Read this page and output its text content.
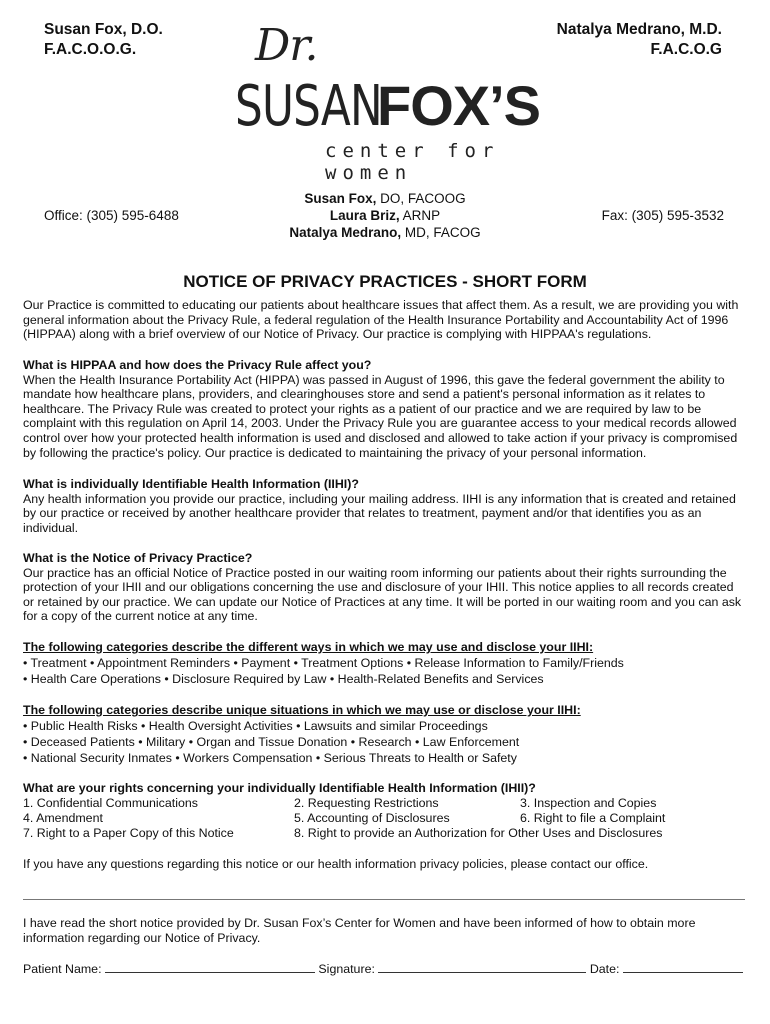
Susan Fox, D.O.
F.A.C.O.O.G.
Natalya Medrano, M.D.
F.A.C.O.G
Dr.
SUSANFOX’S
center for women
Office: (305) 595-6488
Susan Fox, DO, FACOOG
Laura Briz, ARNP
Natalya Medrano, MD, FACOG
Fax: (305) 595-3532
NOTICE OF PRIVACY PRACTICES - SHORT FORM
Our Practice is committed to educating our patients about healthcare issues that affect them. As a result, we are providing you with general information about the Privacy Rule, a federal regulation of the Health Insurance Portability and Accountability Act of 1996 (HIPPAA) along with a brief overview of our Notice of Privacy. Our practice is complying with HIPPAA's regulations.
What is HIPPAA and how does the Privacy Rule affect you?
When the Health Insurance Portability Act (HIPPA) was passed in August of 1996, this gave the federal government the ability to mandate how healthcare plans, providers, and clearinghouses store and send a patient's personal information as it relates to healthcare. The Privacy Rule was created to protect your rights as a patient of our practice and we are required by law to be complaint with this regulation on April 14, 2003. Under the Privacy Rule you are guarantee access to your medical records allowed control over how your protected health information is used and disclosed and allowed to take action if your privacy is compromised by following the practice's policy. Our practice is dedicated to maintaining the privacy of your personal information.
What is individually Identifiable Health Information (IIHI)?
Any health information you provide our practice, including your mailing address. IIHI is any information that is created and retained by our practice or received by another healthcare provider that relates to treatment, payment and/or that identifies you as an individual.
What is the Notice of Privacy Practice?
Our practice has an official Notice of Practice posted in our waiting room informing our patients about their rights surrounding the protection of your IHII and our obligations concerning the use and disclosure of your IHII. This notice applies to all records created or retained by our practice. We can update our Notice of Practices at any time. It will be ported in our waiting room and you can ask for a copy of the current notice at any time.
The following categories describe the different ways in which we may use and disclose your IIHI:
• Treatment • Appointment Reminders • Payment • Treatment Options • Release Information to Family/Friends
• Health Care Operations • Disclosure Required by Law • Health-Related Benefits and Services
The following categories describe unique situations in which we may use or disclose your IIHI:
• Public Health Risks • Health Oversight Activities • Lawsuits and similar Proceedings
• Deceased Patients • Military • Organ and Tissue Donation • Research • Law Enforcement
• National Security Inmates • Workers Compensation • Serious Threats to Health or Safety
What are your rights concerning your individually Identifiable Health Information (IHII)?
1. Confidential Communications	2. Requesting Restrictions	3. Inspection and Copies
4. Amendment	5. Accounting of Disclosures	6. Right to file a Complaint
7. Right to a Paper Copy of this Notice	8. Right to provide an Authorization for Other Uses and Disclosures
If you have any questions regarding this notice or our health information privacy policies, please contact our office.
I have read the short notice provided by Dr. Susan Fox’s Center for Women and have been informed of how to obtain more information regarding our Notice of Privacy.
Patient Name:	Signature:	Date:
